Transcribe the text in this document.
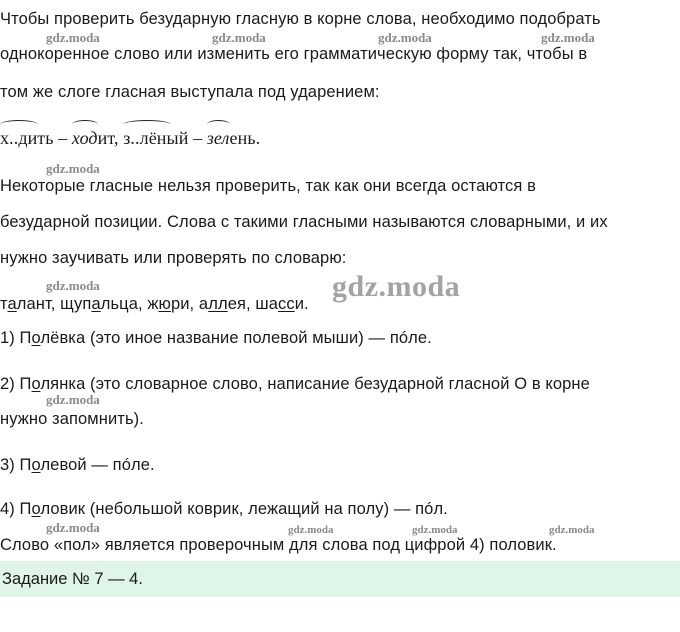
Чтобы проверить безударную гласную в корне слова, необходимо подобрать
gdz.moda	gdz.moda	gdz.moda	gdz.moda
однокоренное слово или изменить его грамматическую форму так, чтобы в
том же слоге гласная выступала под ударением:
х..дить – ходит, з..лёный – зелень.
gdz.moda
Некоторые гласные нельзя проверить, так как они всегда остаются в
безударной позиции. Слова с такими гласными называются словарными, и их
нужно заучивать или проверять по словарю:
gdz.moda
талант, щупальца, жюри, аллея, шасси.
gdz.moda
1) Полёвка (это иное название полевой мыши) — пóле.
2) Полянка (это словарное слово, написание безударной гласной О в корне
gdz.moda
нужно запомнить).
3) Полевой — пóле.
4) Половик (небольшой коврик, лежащий на полу) — пóл.
gdz.moda	gdz.moda	gdz.moda	gdz.moda
Слово «пол» является проверочным для слова под цифрой 4) половик.
Задание № 7 — 4.
